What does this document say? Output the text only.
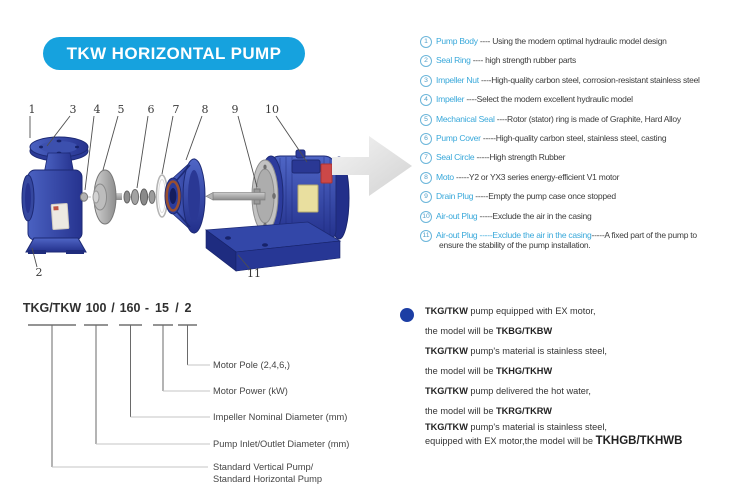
TKW HORIZONTAL PUMP
1	3 4 5 6 7 8 9 10
2	11
1 Pump Body ---- Using the modern optimal hydraulic model design
2 Seal Ring ---- high strength rubber parts
3 Impeller Nut ----High-quality carbon steel, corrosion-resistant stainless steel
4 Impeller ----Select the modern excellent hydraulic model
5 Mechanical Seal ----Rotor (stator) ring is made of Graphite, Hard Alloy
6 Pump Cover -----High-quality carbon steel, stainless steel, casting
7 Seal Circle -----High strength Rubber
8 Moto -----Y2 or YX3 series energy-efficient V1 motor
9 Drain Plug -----Empty the pump case once stopped
10 Air-out Plug -----Exclude the air in the casing
11 Air-out Plug -----Exclude the air in the casing-----A fixed part of the pump to
ensure the stability of the pump installation.
TKG/TKW 100 / 160 - 15 / 2
Motor Pole (2,4,6,)
Motor Power (kW)
Impeller Nominal Diameter (mm)
Pump Inlet/Outlet Diameter (mm)
Standard Vertical Pump/
Standard Horizontal Pump
TKG/TKW pump equipped with EX motor,
the model will be TKBG/TKBW
TKG/TKW pump's material is stainless steel,
the model will be TKHG/TKHW
TKG/TKW pump delivered the hot water,
the model will be TKRG/TKRW
TKG/TKW pump's material is stainless steel,
equipped with EX motor,the model will be TKHGB/TKHWB
